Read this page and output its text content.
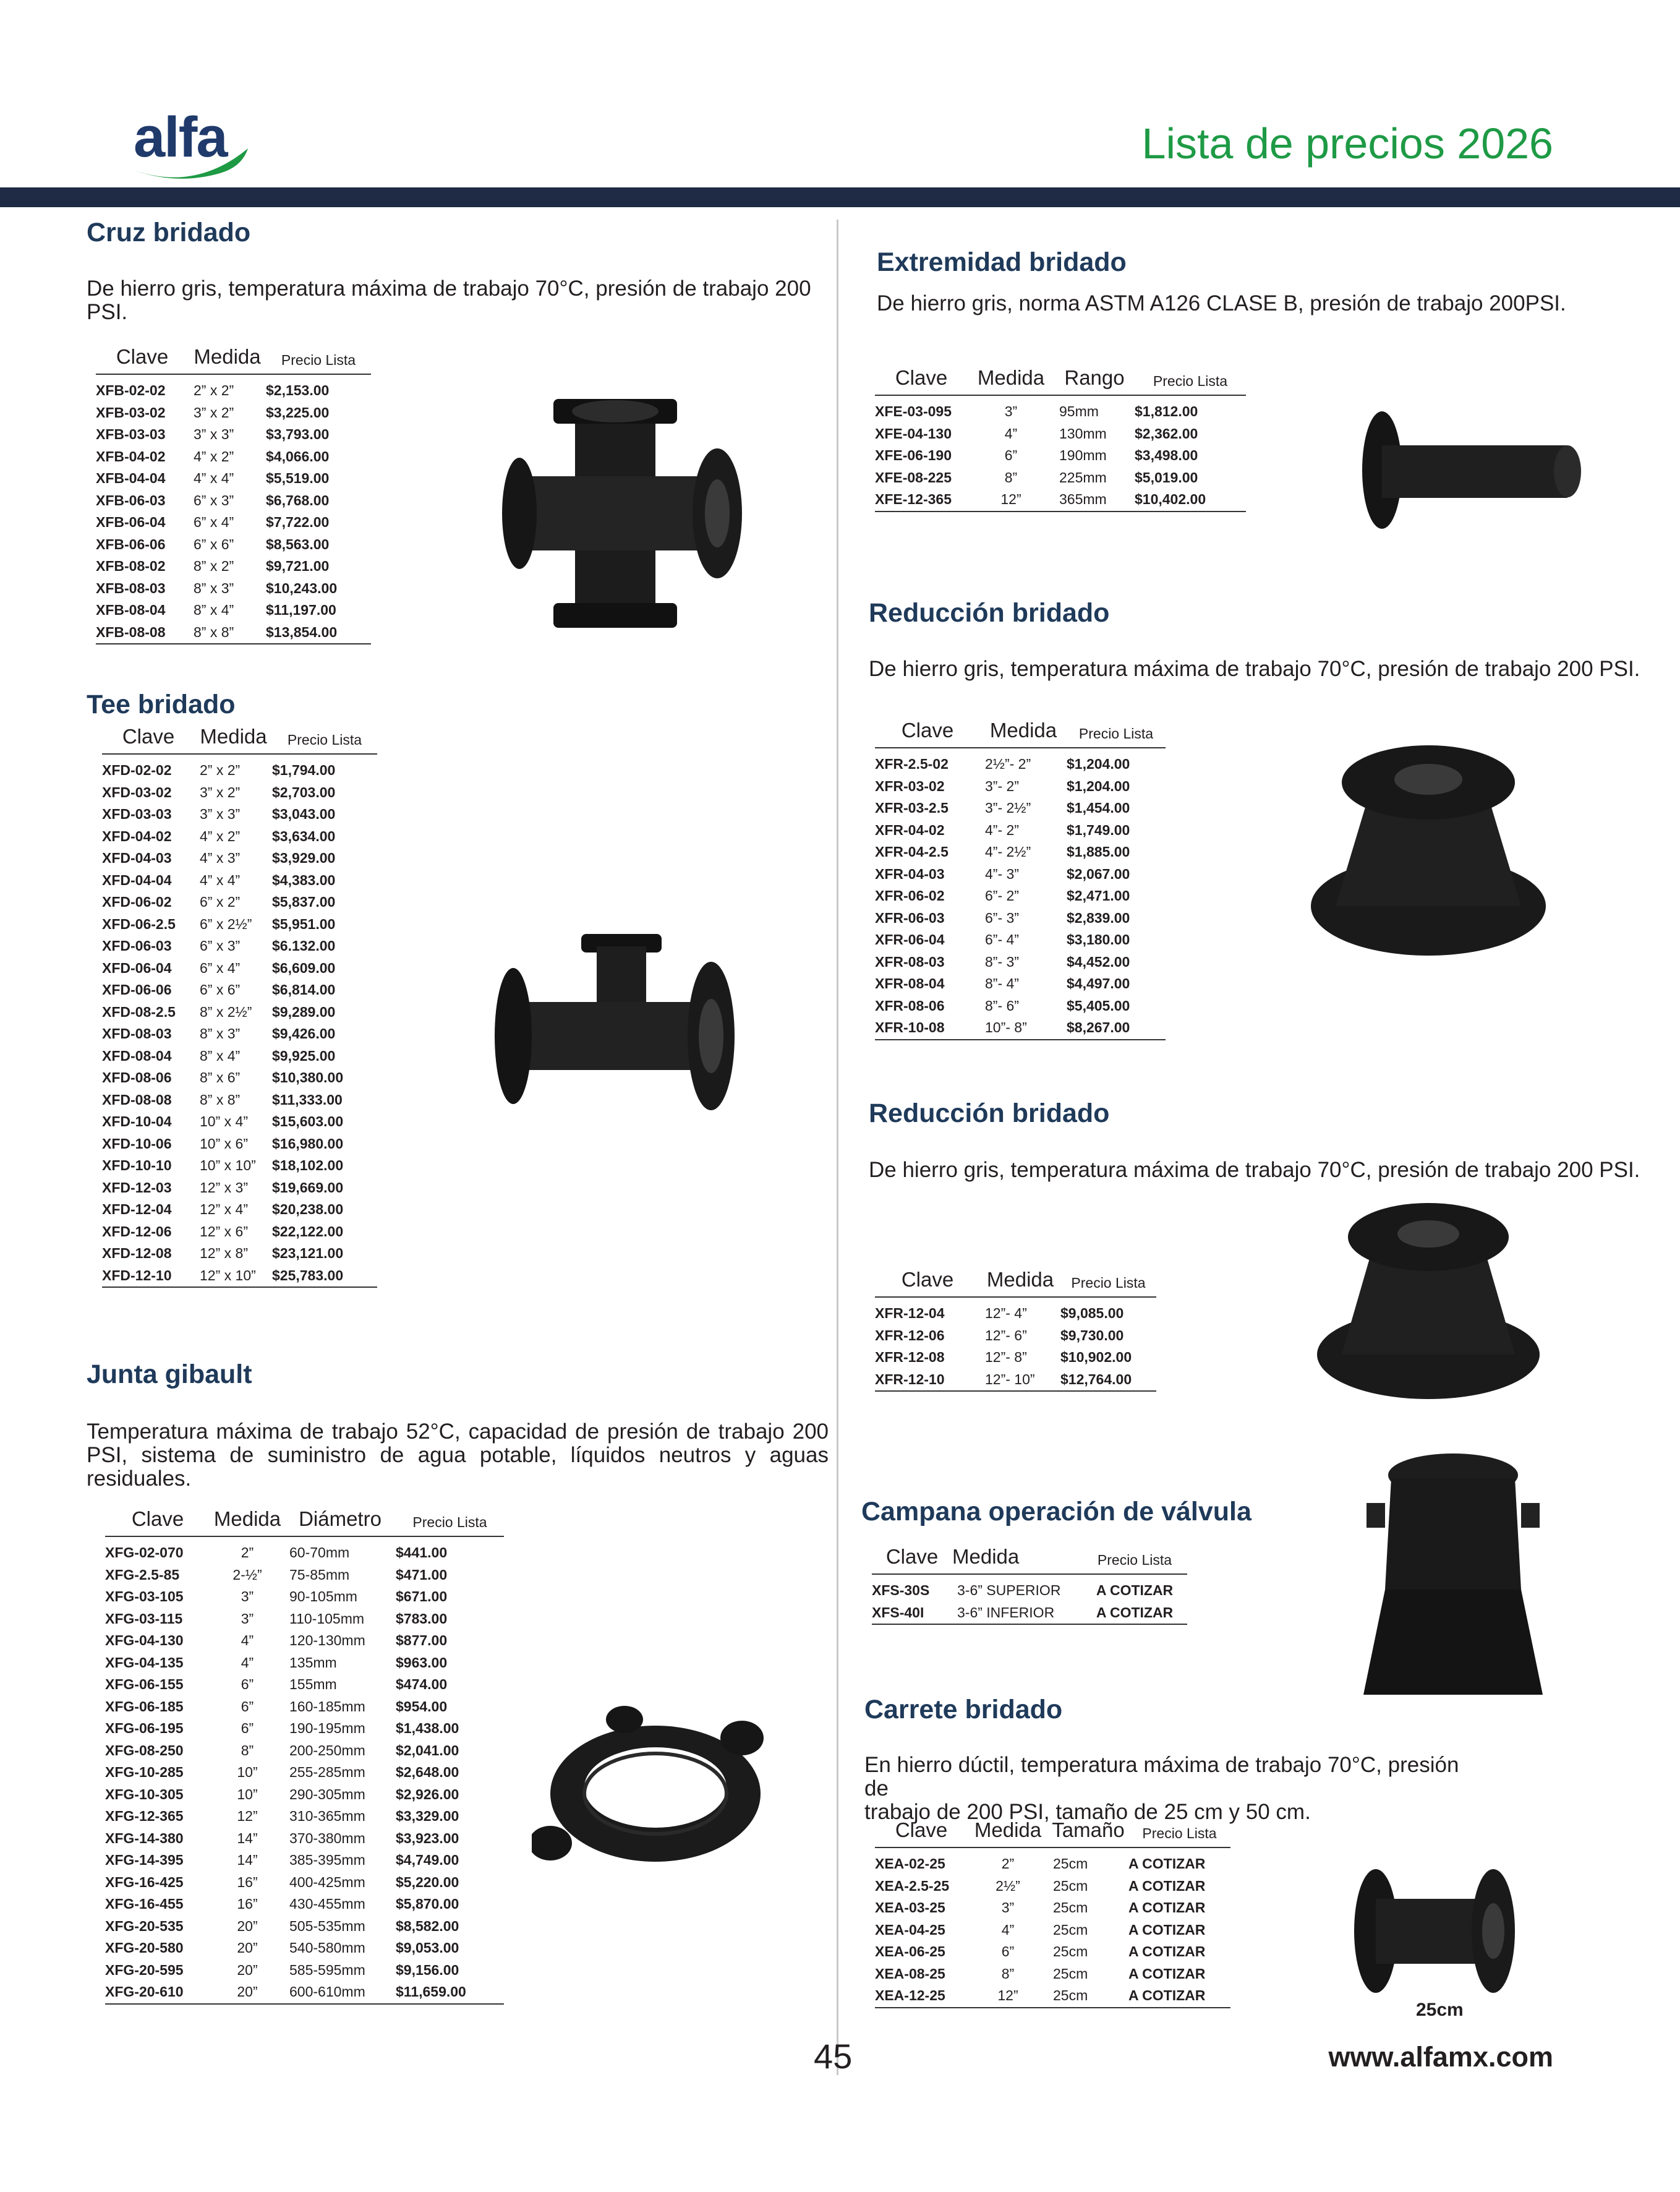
alfa	Lista de precios 2026
Cruz bridado
De hierro gris, temperatura máxima de trabajo 70°C, presión de trabajo 200 PSI.
Clave	Medida	Precio Lista
XFB-02-02	2” x 2”	$2,153.00
XFB-03-02	3” x 2”	$3,225.00
XFB-03-03	3” x 3”	$3,793.00
XFB-04-02	4” x 2”	$4,066.00
XFB-04-04	4” x 4”	$5,519.00
XFB-06-03	6” x 3”	$6,768.00
XFB-06-04	6” x 4”	$7,722.00
XFB-06-06	6” x 6”	$8,563.00
XFB-08-02	8” x 2”	$9,721.00
XFB-08-03	8” x 3”	$10,243.00
XFB-08-04	8” x 4”	$11,197.00
XFB-08-08	8” x 8”	$13,854.00
Tee bridado
Clave	Medida	Precio Lista
XFD-02-02	2” x 2”	$1,794.00
XFD-03-02	3” x 2”	$2,703.00
XFD-03-03	3” x 3”	$3,043.00
XFD-04-02	4” x 2”	$3,634.00
XFD-04-03	4” x 3”	$3,929.00
XFD-04-04	4” x 4”	$4,383.00
XFD-06-02	6” x 2”	$5,837.00
XFD-06-2.5	6” x 2½”	$5,951.00
XFD-06-03	6” x 3”	$6.132.00
XFD-06-04	6” x 4”	$6,609.00
XFD-06-06	6” x 6”	$6,814.00
XFD-08-2.5	8” x 2½”	$9,289.00
XFD-08-03	8” x 3”	$9,426.00
XFD-08-04	8” x 4”	$9,925.00
XFD-08-06	8” x 6”	$10,380.00
XFD-08-08	8” x 8”	$11,333.00
XFD-10-04	10” x 4”	$15,603.00
XFD-10-06	10” x 6”	$16,980.00
XFD-10-10	10” x 10”	$18,102.00
XFD-12-03	12” x 3”	$19,669.00
XFD-12-04	12” x 4”	$20,238.00
XFD-12-06	12” x 6”	$22,122.00
XFD-12-08	12” x 8”	$23,121.00
XFD-12-10	12” x 10”	$25,783.00
Junta gibault
Temperatura máxima de trabajo 52°C, capacidad de presión de trabajo 200 PSI, sistema de suministro de agua potable, líquidos neutros y aguas residuales.
Clave	Medida	Diámetro	Precio Lista
XFG-02-070	2”	60-70mm	$441.00
XFG-2.5-85	2-½”	75-85mm	$471.00
XFG-03-105	3”	90-105mm	$671.00
XFG-03-115	3”	110-105mm	$783.00
XFG-04-130	4”	120-130mm	$877.00
XFG-04-135	4”	135mm	$963.00
XFG-06-155	6”	155mm	$474.00
XFG-06-185	6”	160-185mm	$954.00
XFG-06-195	6”	190-195mm	$1,438.00
XFG-08-250	8”	200-250mm	$2,041.00
XFG-10-285	10”	255-285mm	$2,648.00
XFG-10-305	10”	290-305mm	$2,926.00
XFG-12-365	12”	310-365mm	$3,329.00
XFG-14-380	14”	370-380mm	$3,923.00
XFG-14-395	14”	385-395mm	$4,749.00
XFG-16-425	16”	400-425mm	$5,220.00
XFG-16-455	16”	430-455mm	$5,870.00
XFG-20-535	20”	505-535mm	$8,582.00
XFG-20-580	20”	540-580mm	$9,053.00
XFG-20-595	20”	585-595mm	$9,156.00
XFG-20-610	20”	600-610mm	$11,659.00
Extremidad bridado
De hierro gris, norma ASTM A126 CLASE B, presión de trabajo 200PSI.
Clave	Medida	Rango	Precio Lista
XFE-03-095	3”	95mm	$1,812.00
XFE-04-130	4”	130mm	$2,362.00
XFE-06-190	6”	190mm	$3,498.00
XFE-08-225	8”	225mm	$5,019.00
XFE-12-365	12”	365mm	$10,402.00
Reducción bridado
De hierro gris, temperatura máxima de trabajo 70°C, presión de trabajo 200 PSI.
Clave	Medida	Precio Lista
XFR-2.5-02	2½”- 2”	$1,204.00
XFR-03-02	3”- 2”	$1,204.00
XFR-03-2.5	3”- 2½”	$1,454.00
XFR-04-02	4”- 2”	$1,749.00
XFR-04-2.5	4”- 2½”	$1,885.00
XFR-04-03	4”- 3”	$2,067.00
XFR-06-02	6”- 2”	$2,471.00
XFR-06-03	6”- 3”	$2,839.00
XFR-06-04	6”- 4”	$3,180.00
XFR-08-03	8”- 3”	$4,452.00
XFR-08-04	8”- 4”	$4,497.00
XFR-08-06	8”- 6”	$5,405.00
XFR-10-08	10”- 8”	$8,267.00
Reducción bridado
De hierro gris, temperatura máxima de trabajo 70°C, presión de trabajo 200 PSI.
Clave	Medida	Precio Lista
XFR-12-04	12”- 4”	$9,085.00
XFR-12-06	12”- 6”	$9,730.00
XFR-12-08	12”- 8”	$10,902.00
XFR-12-10	12”- 10”	$12,764.00
Campana operación de válvula
Clave	Medida	Precio Lista
XFS-30S	3-6” SUPERIOR	A COTIZAR
XFS-40I	3-6” INFERIOR	A COTIZAR
Carrete bridado
En hierro dúctil, temperatura máxima de trabajo 70°C, presión
de
trabajo de 200 PSI, tamaño de 25 cm y 50 cm.
Clave	Medida	Tamaño	Precio Lista
XEA-02-25	2”	25cm	A COTIZAR
XEA-2.5-25	2½”	25cm	A COTIZAR
XEA-03-25	3”	25cm	A COTIZAR
XEA-04-25	4”	25cm	A COTIZAR
XEA-06-25	6”	25cm	A COTIZAR
XEA-08-25	8”	25cm	A COTIZAR
XEA-12-25	12”	25cm	A COTIZAR
25cm
45	www.alfamx.com
